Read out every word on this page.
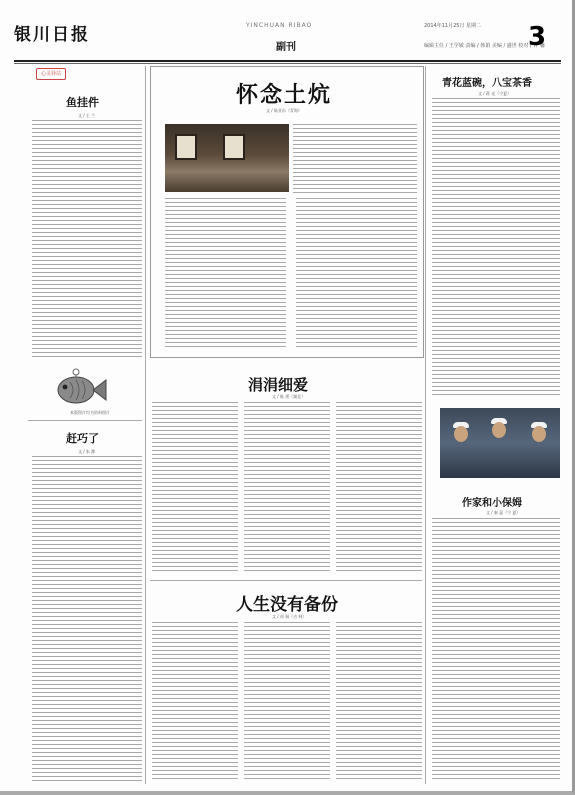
银川日报	YINCHUAN RIBAO
副刊
2014年11月25日 星期二
编辑主任 / 王学敏 责编 / 韩娟 美编 / 盛世 校对 / 许 馨
3
心灵驿站
鱼挂件
文 / 王 兰
本版图片均为资料图片
赶巧了
文 / 朱 郡
怀念土炕
文 / 陈亚东（青海）
涓涓细爱
文 / 陈 勇（湖北）
人生没有备份
文 / 祁 瑞（吉 林）
青花蓝碗，八宝茶香
文 / 蒋 光（宁夏）
作家和小保姆
文 / 秦 蕊（宁 夏）
